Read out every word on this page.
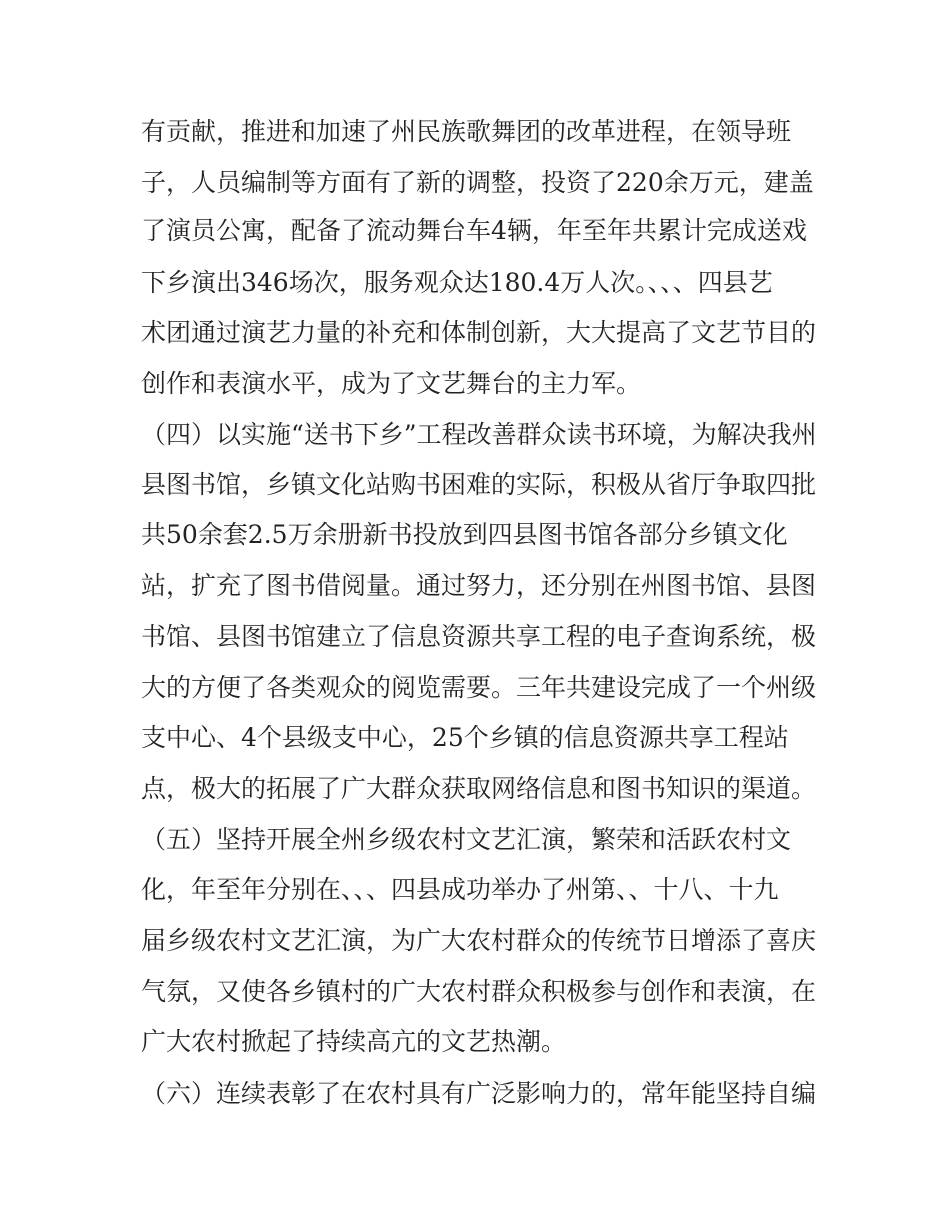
有贡献，推进和加速了州民族歌舞团的改革进程，在领导班
子，人员编制等方面有了新的调整，投资了220余万元，建盖
了演员公寓，配备了流动舞台车4辆，年至年共累计完成送戏
下乡演出346场次，服务观众达180.4万人次。、、、四县艺
术团通过演艺力量的补充和体制创新，大大提高了文艺节目的
创作和表演水平，成为了文艺舞台的主力军。
（四）以实施“送书下乡”工程改善群众读书环境，为解决我州
县图书馆，乡镇文化站购书困难的实际，积极从省厅争取四批
共50余套2.5万余册新书投放到四县图书馆各部分乡镇文化
站，扩充了图书借阅量。通过努力，还分别在州图书馆、县图
书馆、县图书馆建立了信息资源共享工程的电子查询系统，极
大的方便了各类观众的阅览需要。三年共建设完成了一个州级
支中心、4个县级支中心，25个乡镇的信息资源共享工程站
点，极大的拓展了广大群众获取网络信息和图书知识的渠道。
（五）坚持开展全州乡级农村文艺汇演，繁荣和活跃农村文
化，年至年分别在、、、四县成功举办了州第、、十八、十九
届乡级农村文艺汇演，为广大农村群众的传统节日增添了喜庆
气氛，又使各乡镇村的广大农村群众积极参与创作和表演，在
广大农村掀起了持续高亢的文艺热潮。
（六）连续表彰了在农村具有广泛影响力的，常年能坚持自编
